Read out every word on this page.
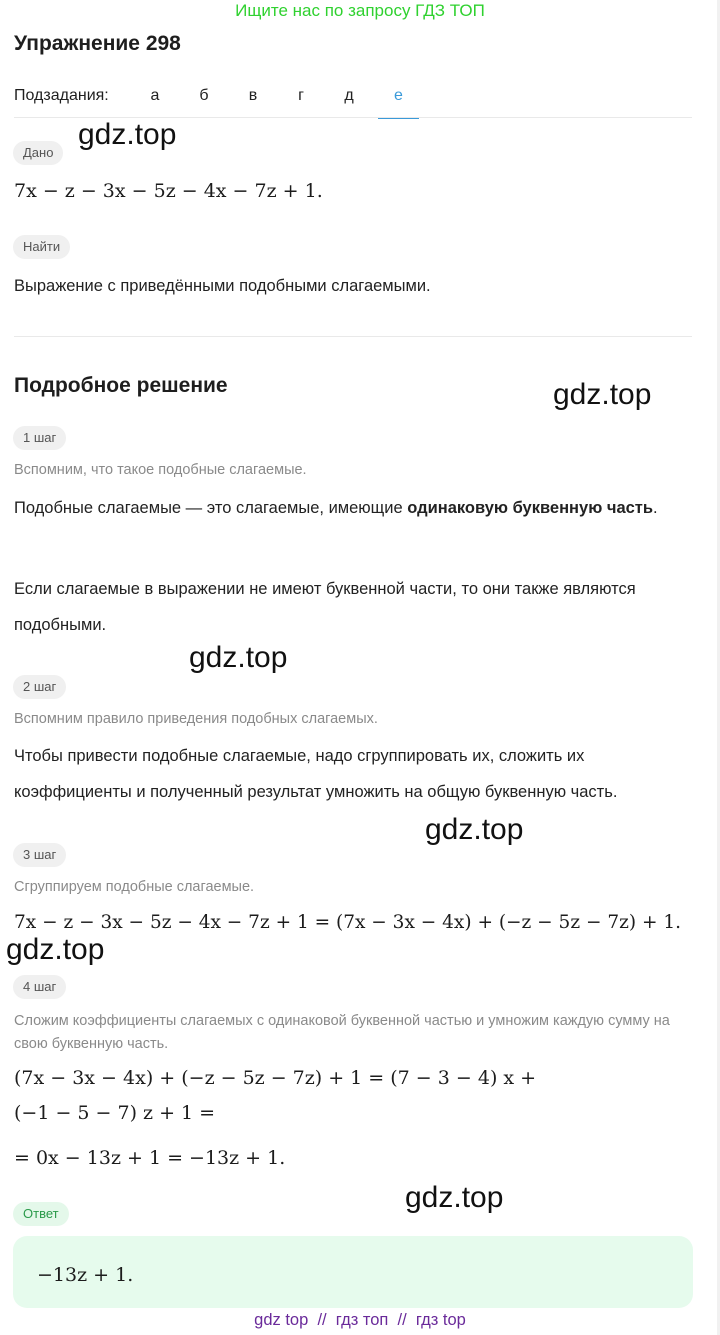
Ищите нас по запросу ГДЗ ТОП
Упражнение 298
Подзадания:	а	б	в	г	д	е
gdz.top
Дано
7x − z − 3x − 5z − 4x − 7z + 1.
Найти
Выражение с приведёнными подобными слагаемыми.
Подробное решение	gdz.top
1 шаг
Вспомним, что такое подобные слагаемые.
Подобные слагаемые — это слагаемые, имеющие одинаковую буквенную часть.
Если слагаемые в выражении не имеют буквенной части, то они также являются подобными.
gdz.top
2 шаг
Вспомним правило приведения подобных слагаемых.
Чтобы привести подобные слагаемые, надо сгруппировать их, сложить их коэффициенты и полученный результат умножить на общую буквенную часть.
gdz.top
3 шаг
Сгруппируем подобные слагаемые.
7x − z − 3x − 5z − 4x − 7z + 1 = (7x − 3x − 4x) + (−z − 5z − 7z) + 1.
gdz.top
4 шаг
Сложим коэффициенты слагаемых с одинаковой буквенной частью и умножим каждую сумму на свою буквенную часть.
(7x − 3x − 4x) + (−z − 5z − 7z) + 1 = (7 − 3 − 4) x +
(−1 − 5 − 7) z + 1 =
= 0x − 13z + 1 = −13z + 1.
gdz.top
Ответ
−13z + 1.
gdz top  //  гдз топ  //  гдз top
